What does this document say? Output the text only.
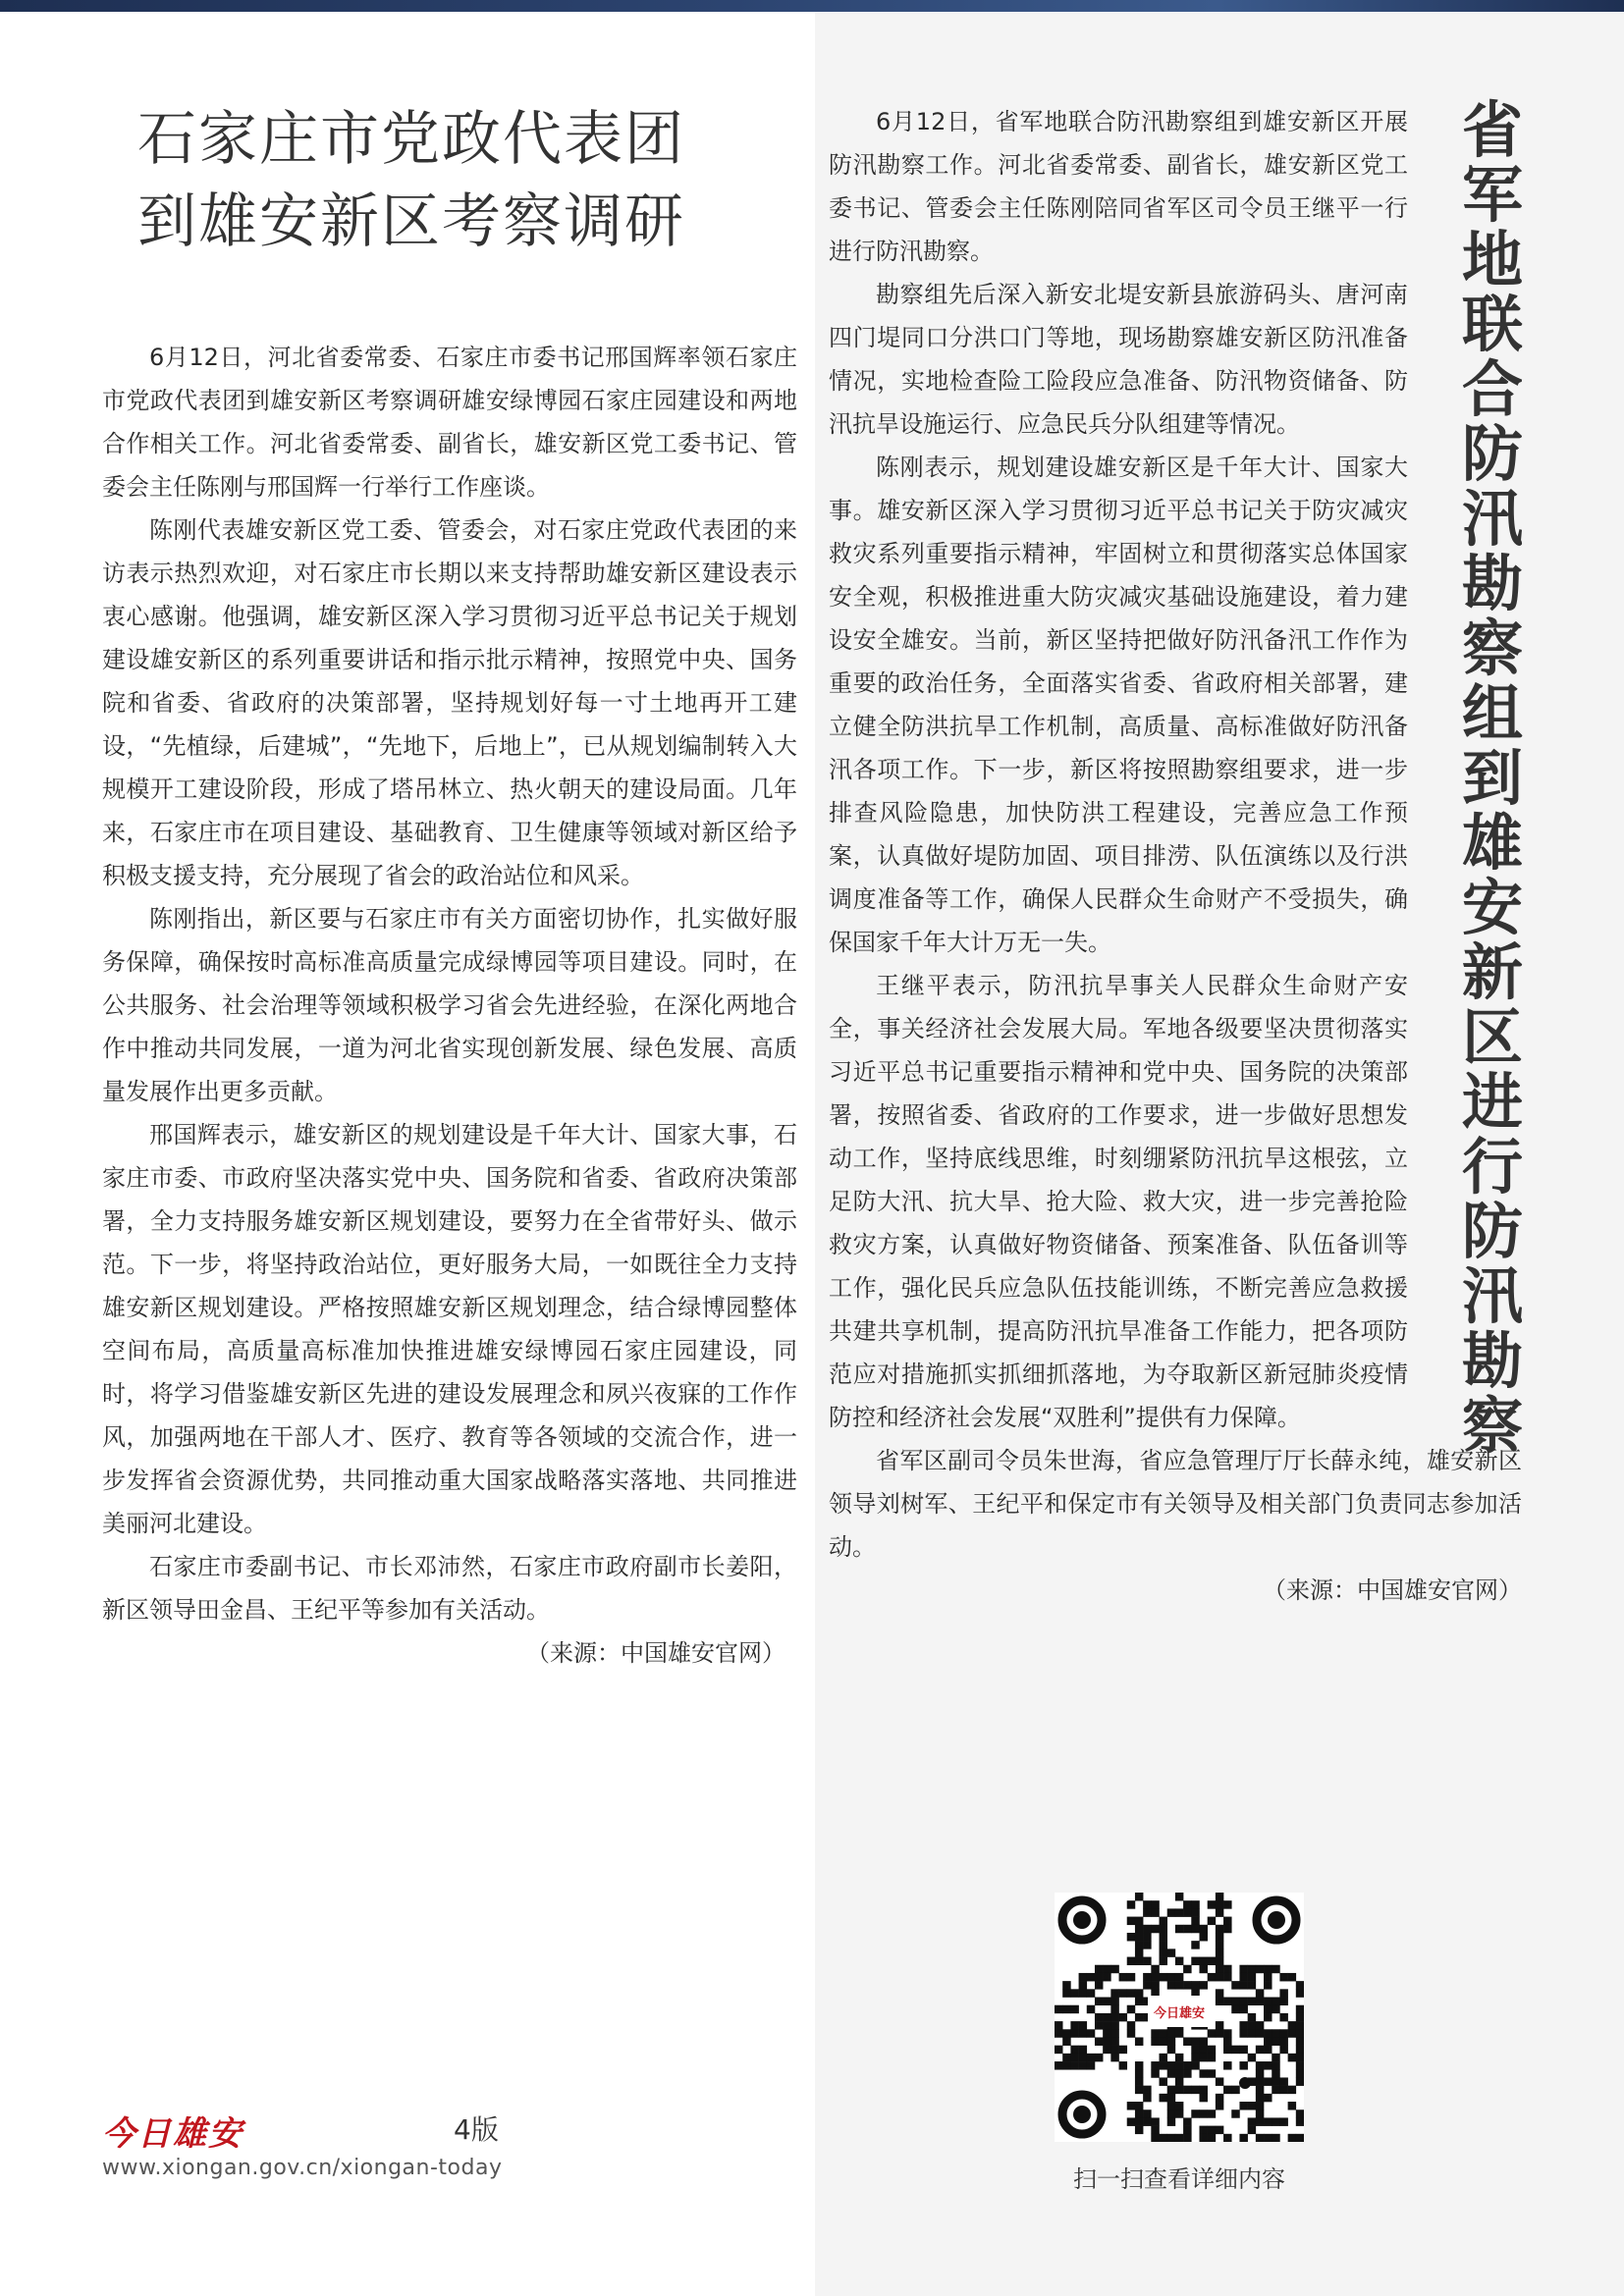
石家庄市党政代表团
到雄安新区考察调研

6月12日，河北省委常委、石家庄市委书记邢国辉率领石家庄市党政代表团到雄安新区考察调研雄安绿博园石家庄园建设和两地合作相关工作。河北省委常委、副省长，雄安新区党工委书记、管委会主任陈刚与邢国辉一行举行工作座谈。

陈刚代表雄安新区党工委、管委会，对石家庄党政代表团的来访表示热烈欢迎，对石家庄市长期以来支持帮助雄安新区建设表示衷心感谢。他强调，雄安新区深入学习贯彻习近平总书记关于规划建设雄安新区的系列重要讲话和指示批示精神，按照党中央、国务院和省委、省政府的决策部署，坚持规划好每一寸土地再开工建设，“先植绿，后建城”，“先地下，后地上”，已从规划编制转入大规模开工建设阶段，形成了塔吊林立、热火朝天的建设局面。几年来，石家庄市在项目建设、基础教育、卫生健康等领域对新区给予积极支援支持，充分展现了省会的政治站位和风采。

陈刚指出，新区要与石家庄市有关方面密切协作，扎实做好服务保障，确保按时高标准高质量完成绿博园等项目建设。同时，在公共服务、社会治理等领域积极学习省会先进经验，在深化两地合作中推动共同发展，一道为河北省实现创新发展、绿色发展、高质量发展作出更多贡献。

邢国辉表示，雄安新区的规划建设是千年大计、国家大事，石家庄市委、市政府坚决落实党中央、国务院和省委、省政府决策部署，全力支持服务雄安新区规划建设，要努力在全省带好头、做示范。下一步，将坚持政治站位，更好服务大局，一如既往全力支持雄安新区规划建设。严格按照雄安新区规划理念，结合绿博园整体空间布局，高质量高标准加快推进雄安绿博园石家庄园建设，同时，将学习借鉴雄安新区先进的建设发展理念和夙兴夜寐的工作作风，加强两地在干部人才、医疗、教育等各领域的交流合作，进一步发挥省会资源优势，共同推动重大国家战略落实落地、共同推进美丽河北建设。

石家庄市委副书记、市长邓沛然，石家庄市政府副市长姜阳，新区领导田金昌、王纪平等参加有关活动。

（来源：中国雄安官网）

6月12日，省军地联合防汛勘察组到雄安新区开展防汛勘察工作。河北省委常委、副省长，雄安新区党工委书记、管委会主任陈刚陪同省军区司令员王继平一行进行防汛勘察。

勘察组先后深入新安北堤安新县旅游码头、唐河南四门堤同口分洪口门等地，现场勘察雄安新区防汛准备情况，实地检查险工险段应急准备、防汛物资储备、防汛抗旱设施运行、应急民兵分队组建等情况。

陈刚表示，规划建设雄安新区是千年大计、国家大事。雄安新区深入学习贯彻习近平总书记关于防灾减灾救灾系列重要指示精神，牢固树立和贯彻落实总体国家安全观，积极推进重大防灾减灾基础设施建设，着力建设安全雄安。当前，新区坚持把做好防汛备汛工作作为重要的政治任务，全面落实省委、省政府相关部署，建立健全防洪抗旱工作机制，高质量、高标准做好防汛备汛各项工作。下一步，新区将按照勘察组要求，进一步排查风险隐患，加快防洪工程建设，完善应急工作预案，认真做好堤防加固、项目排涝、队伍演练以及行洪调度准备等工作，确保人民群众生命财产不受损失，确保国家千年大计万无一失。

王继平表示，防汛抗旱事关人民群众生命财产安全，事关经济社会发展大局。军地各级要坚决贯彻落实习近平总书记重要指示精神和党中央、国务院的决策部署，按照省委、省政府的工作要求，进一步做好思想发动工作，坚持底线思维，时刻绷紧防汛抗旱这根弦，立足防大汛、抗大旱、抢大险、救大灾，进一步完善抢险救灾方案，认真做好物资储备、预案准备、队伍备训等工作，强化民兵应急队伍技能训练，不断完善应急救援共建共享机制，提高防汛抗旱准备工作能力，把各项防范应对措施抓实抓细抓落地，为夺取新区新冠肺炎疫情防控和经济社会发展“双胜利”提供有力保障。

省军区副司令员朱世海，省应急管理厅厅长薛永纯，雄安新区领导刘树军、王纪平和保定市有关领导及相关部门负责同志参加活动。

（来源：中国雄安官网）

省
军
地
联
合
防
汛
勘
察
组
到
雄
安
新
区
进
行
防
汛
勘
察
今日雄安	4版
www.xiongan.gov.cn/xiongan-today
今日雄安
扫一扫查看详细内容
